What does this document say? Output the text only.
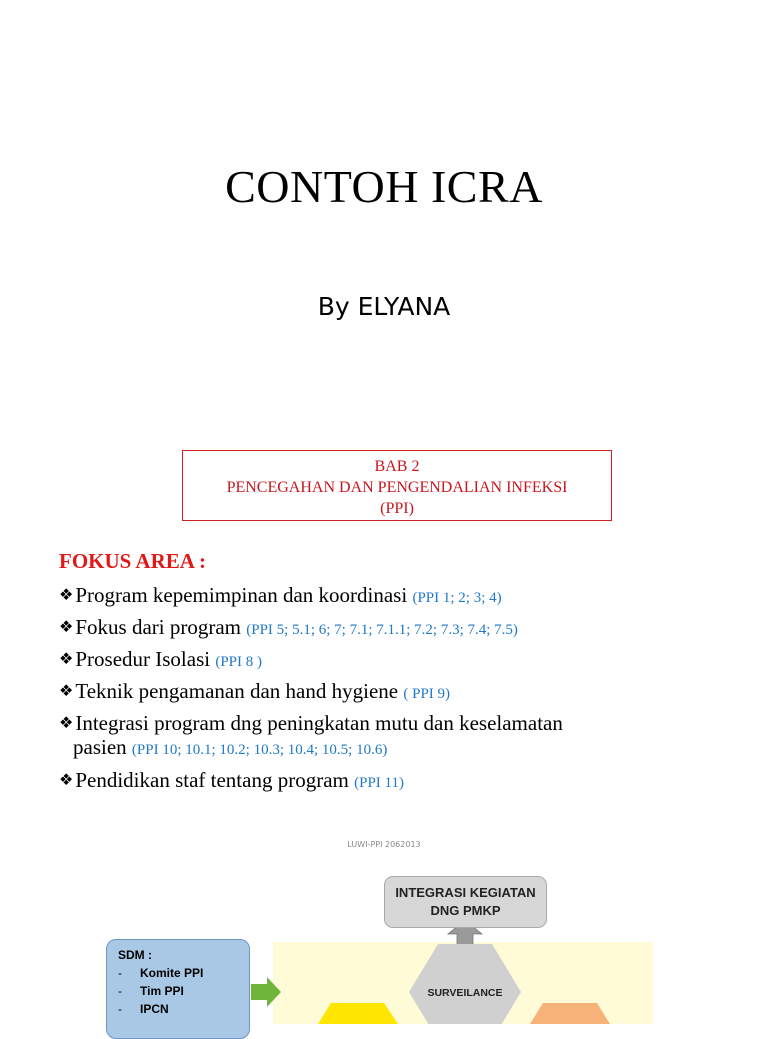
CONTOH ICRA
By ELYANA
BAB 2
PENCEGAHAN DAN PENGENDALIAN INFEKSI
(PPI)
FOKUS AREA :
❖Program kepemimpinan dan koordinasi (PPI 1; 2; 3; 4)
❖Fokus dari program (PPI 5; 5.1; 6; 7; 7.1; 7.1.1; 7.2; 7.3; 7.4; 7.5)
❖Prosedur Isolasi (PPI 8 )
❖Teknik pengamanan dan hand hygiene ( PPI 9)
❖Integrasi program dng peningkatan mutu dan keselamatan
pasien (PPI 10; 10.1; 10.2; 10.3; 10.4; 10.5; 10.6)
❖Pendidikan staf tentang program (PPI 11)
LUWI-PPI 2062013
SURVEILANCE
INTEGRASI KEGIATAN
DNG PMKP
SDM :
- Komite PPI
- Tim PPI
- IPCN
